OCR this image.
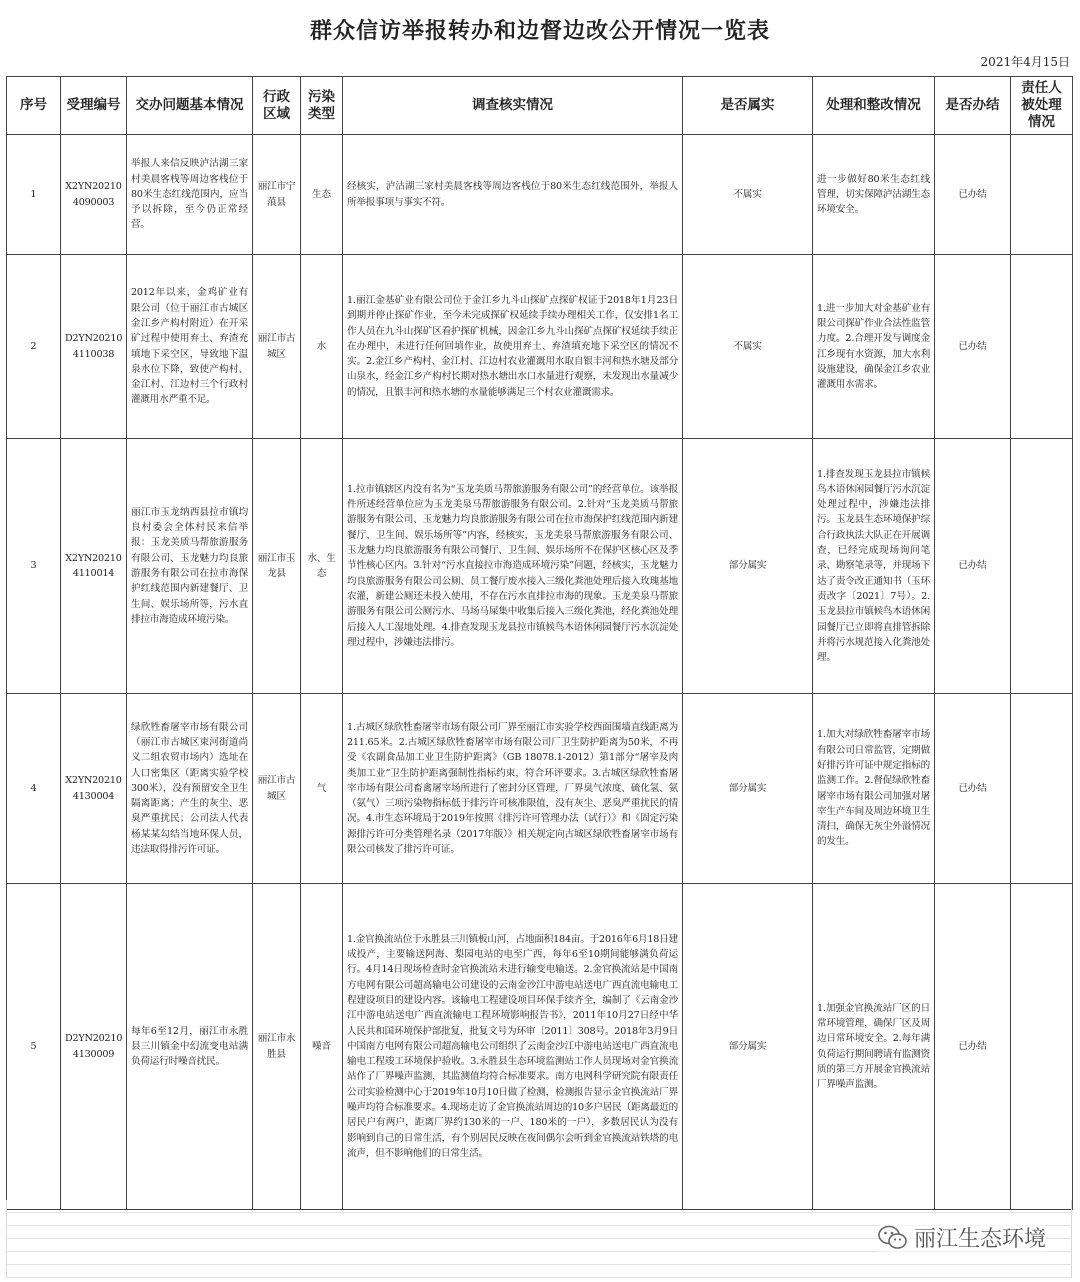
群众信访举报转办和边督边改公开情况一览表
2021年4月15日
序号	受理编号	交办问题基本情况	行政区域	污染类型	调查核实情况	是否属实	处理和整改情况	是否办结	责任人被处理情况
1	X2YN20210 4090003	举报人来信反映泸沽湖三家村美晨客栈等周边客栈位于80米生态红线范围内，应当予以拆除，至今仍正常经营。	丽江市宁蒗县	生态	经核实，泸沽湖三家村美晨客栈等周边客栈位于80米生态红线范围外，举报人所举报事项与事实不符。	不属实	进一步做好80米生态红线管理，切实保障泸沽湖生态环境安全。	已办结	
2	D2YN20210 4110038	2012年以来，金鸡矿业有限公司（位于丽江市古城区金江乡产构村附近）在开采矿过程中使用弃土、弃渣充填地下采空区，导致地下温泉水位下降，致使产构村、金江村、江边村三个行政村灌溉用水严重不足。	丽江市古城区	水	1.丽江金基矿业有限公司位于金江乡九斗山探矿点探矿权证于2018年1月23日到期并停止探矿作业，至今未完成探矿权延续手续办理相关工作，仅安排1名工作人员在九斗山探矿区看护探矿机械，因金江乡九斗山探矿点探矿权延续手续正在办理中，未进行任何回填作业，故使用弃土、弃渣填充地下采空区的情况不实。2.金江乡产构村、金江村、江边村农业灌溉用水取自银丰河和热水塘及部分山泉水，经金江乡产构村长期对热水塘出水口水量进行观察，未发现出水量减少的情况，且银丰河和热水塘的水量能够满足三个村农业灌溉需求。	不属实	1.进一步加大对金基矿业有限公司探矿作业合法性监管力度。2.合理开发与调度金江乡现有水资源，加大水利设施建设，确保金江乡农业灌溉用水需求。	已办结	
3	X2YN20210 4110014	丽江市玉龙纳西县拉市镇均良村委会全体村民来信举报：玉龙美质马帮旅游服务有限公司、玉龙魅力均良旅游服务有限公司在拉市海保护红线范围内新建餐厅、卫生间、娱乐场所等，污水直排拉市海造成环境污染。	丽江市玉龙县	水、生态	1.拉市镇辖区内没有名为“玉龙美质马帮旅游服务有限公司”的经营单位。该举报件所述经营单位应为玉龙美泉马帮旅游服务有限公司。2.针对“玉龙美质马帮旅游服务有限公司、玉龙魅力均良旅游服务有限公司在拉市海保护红线范围内新建餐厅、卫生间、娱乐场所等”内容，经核实，玉龙美泉马帮旅游服务有限公司、玉龙魅力均良旅游服务有限公司餐厅、卫生间、娱乐场所不在保护区核心区及季节性核心区内。3.针对“污水直接拉市海造成环境污染”问题，经核实，玉龙魅力均良旅游服务有限公司公厕、员工餐厅废水接入三级化粪池处理后接入玫瑰基地农灌，新建公厕还未投入使用，不存在污水直排拉市海的现象。玉龙美泉马帮旅游服务有限公司公厕污水、马场马屎集中收集后接入三级化粪池，经化粪池处理后接入人工湿地处理。4.排查发现玉龙县拉市镇候鸟木语休闲园餐厅污水沉淀处理过程中，涉嫌违法排污。	部分属实	1.排查发现玉龙县拉市镇候鸟木语休闲园餐厅污水沉淀处理过程中，涉嫌违法排污。玉龙县生态环境保护综合行政执法大队正在开展调查，已经完成现场询问笔录、勘察笔录等，并现场下达了责令改正通知书（玉环责改字〔2021〕7号）。2.玉龙县拉市镇候鸟木语休闲园餐厅已立即将直排管拆除并将污水规范接入化粪池处理。	已办结	
4	X2YN20210 4130004	绿欣牲畜屠宰市场有限公司（丽江市古城区束河街道尚义二组农贸市场内）选址在人口密集区（距离实验学校300米），没有预留安全卫生隔离距离；产生的灰尘、恶臭严重扰民；公司法人代表杨某某勾结当地环保人员，违法取得排污许可证。	丽江市古城区	气	1.古城区绿欣牲畜屠宰市场有限公司厂界至丽江市实验学校西面围墙直线距离为211.65米。2.古城区绿欣牲畜屠宰市场有限公司厂卫生防护距离为50米，不再受《农副食品加工业卫生防护距离》（GB 18078.1-2012）第1部分“屠宰及肉类加工业”卫生防护距离强制性指标约束，符合环评要求。3.古城区绿欣牲畜屠宰市场有限公司畜禽屠宰场所进行了密封分区管理，厂界臭气浓度、硫化氢、氨（氨气）三项污染物指标低于排污许可核准限值，没有灰尘、恶臭严重扰民的情况。4.市生态环境局于2019年按照《排污许可管理办法（试行）》和《固定污染源排污许可分类管理名录（2017年版）》相关规定向古城区绿欣牲畜屠宰市场有限公司核发了排污许可证。	部分属实	1.加大对绿欣牲畜屠宰市场有限公司日常监管，定期做好排污许可证中规定指标的监测工作。2.督促绿欣牲畜屠宰市场有限公司加强对屠宰生产车间及周边环境卫生清扫，确保无灰尘外溢情况的发生。	已办结	
5	D2YN20210 4130009	每年6至12月，丽江市永胜县三川镇金中幻流变电站满负荷运行时噪音扰民。	丽江市永胜县	噪音	1.金官换流站位于永胜县三川镇板山河，占地面积184亩。于2016年6月18日建成投产，主要输送阿海、梨园电站的电至广西，每年6至10期间能够满负荷运行。4月14日现场检查时金官换流站未进行输变电输送。2.金官换流站是中国南方电网有限公司超高输电公司建设的云南金沙江中游电站送电广西直流电输电工程建设项目的建设内容。该输电工程建设项目环保手续齐全，编制了《云南金沙江中游电站送电广西直流输电工程环境影响报告书》，2011年10月27日经中华人民共和国环境保护部批复，批复文号为环审〔2011〕308号。2018年3月9日中国南方电网有限公司超高输电公司组织了云南金沙江中游电站送电广西直流电输电工程竣工环境保护验收。3.永胜县生态环境监测站工作人员现场对金官换流站作了厂界噪声监测，其监测值均符合标准要求。南方电网科学研究院有限责任公司实验检测中心于2019年10月10日做了检测，检测报告显示金官换流站厂界噪声均符合标准要求。4.现场走访了金官换流站周边的10多户居民（距离最近的居民户有两户，距离厂界约130米的一户、180米的一户），多数居民认为没有影响到自己的日常生活，有个别居民反映在夜间偶尔会听到金官换流站铁塔的电流声，但不影响他们的日常生活。	部分属实	1.加强金官换流站厂区的日常环境管理，确保厂区及周边日常环境安全。2.每年满负荷运行期间聘请有监测资质的第三方开展金官换流站厂界噪声监测。	已办结	
丽江生态环境
